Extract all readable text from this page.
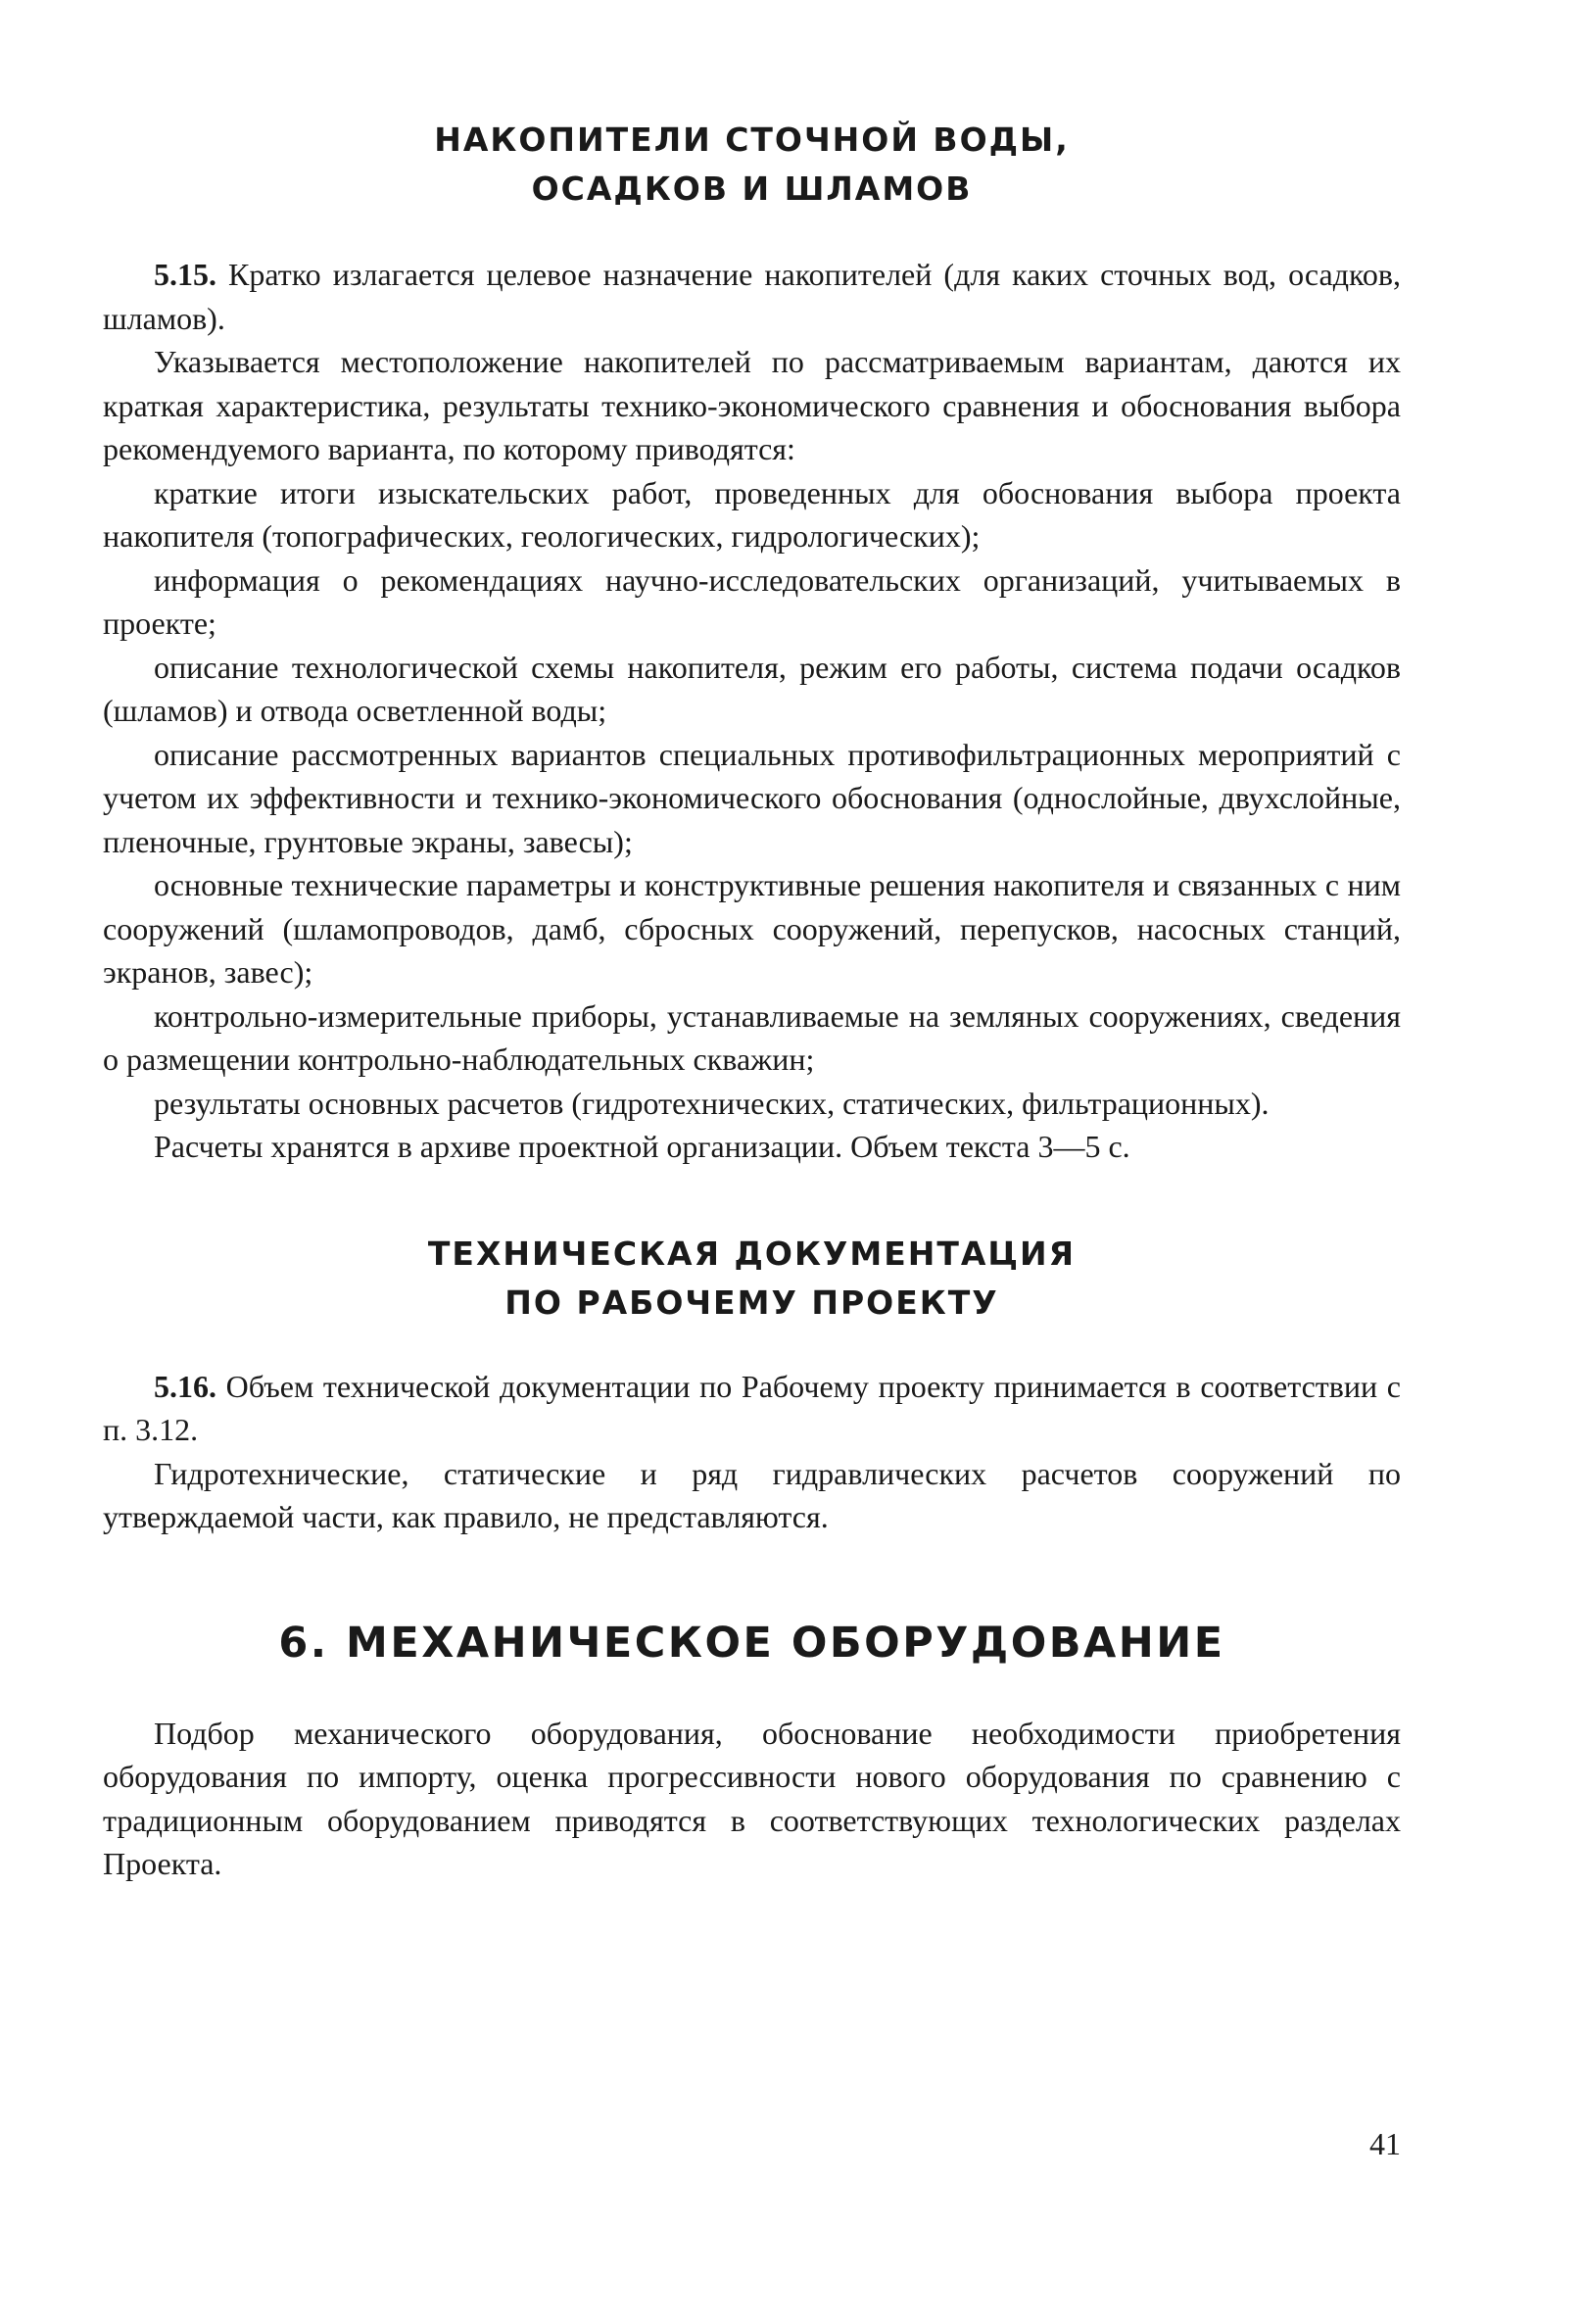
НАКОПИТЕЛИ СТОЧНОЙ ВОДЫ,
ОСАДКОВ И ШЛАМОВ

5.15. Кратко излагается целевое назначение накопителей (для каких сточных вод, осадков, шламов).

Указывается местоположение накопителей по рассматриваемым вариантам, даются их краткая характеристика, результаты технико-экономического сравнения и обоснования выбора рекомендуемого варианта, по которому приводятся:

краткие итоги изыскательских работ, проведенных для обоснования выбора проекта накопителя (топографических, геологических, гидрологических);

информация о рекомендациях научно-исследовательских организаций, учитываемых в проекте;

описание технологической схемы накопителя, режим его работы, система подачи осадков (шламов) и отвода осветленной воды;

описание рассмотренных вариантов специальных противофильтрационных мероприятий с учетом их эффективности и технико-экономического обоснования (однослойные, двухслойные, пленочные, грунтовые экраны, завесы);

основные технические параметры и конструктивные решения накопителя и связанных с ним сооружений (шламопроводов, дамб, сбросных сооружений, перепусков, насосных станций, экранов, завес);

контрольно-измерительные приборы, устанавливаемые на земляных сооружениях, сведения о размещении контрольно-наблюдательных скважин;

результаты основных расчетов (гидротехнических, статических, фильтрационных).

Расчеты хранятся в архиве проектной организации. Объем текста 3—5 с.

ТЕХНИЧЕСКАЯ ДОКУМЕНТАЦИЯ
ПО РАБОЧЕМУ ПРОЕКТУ

5.16. Объем технической документации по Рабочему проекту принимается в соответствии с п. 3.12.

Гидротехнические, статические и ряд гидравлических расчетов сооружений по утверждаемой части, как правило, не представляются.

6. МЕХАНИЧЕСКОЕ ОБОРУДОВАНИЕ

Подбор механического оборудования, обоснование необходимости приобретения оборудования по импорту, оценка прогрессивности нового оборудования по сравнению с традиционным оборудованием приводятся в соответствующих технологических разделах Проекта.

41
